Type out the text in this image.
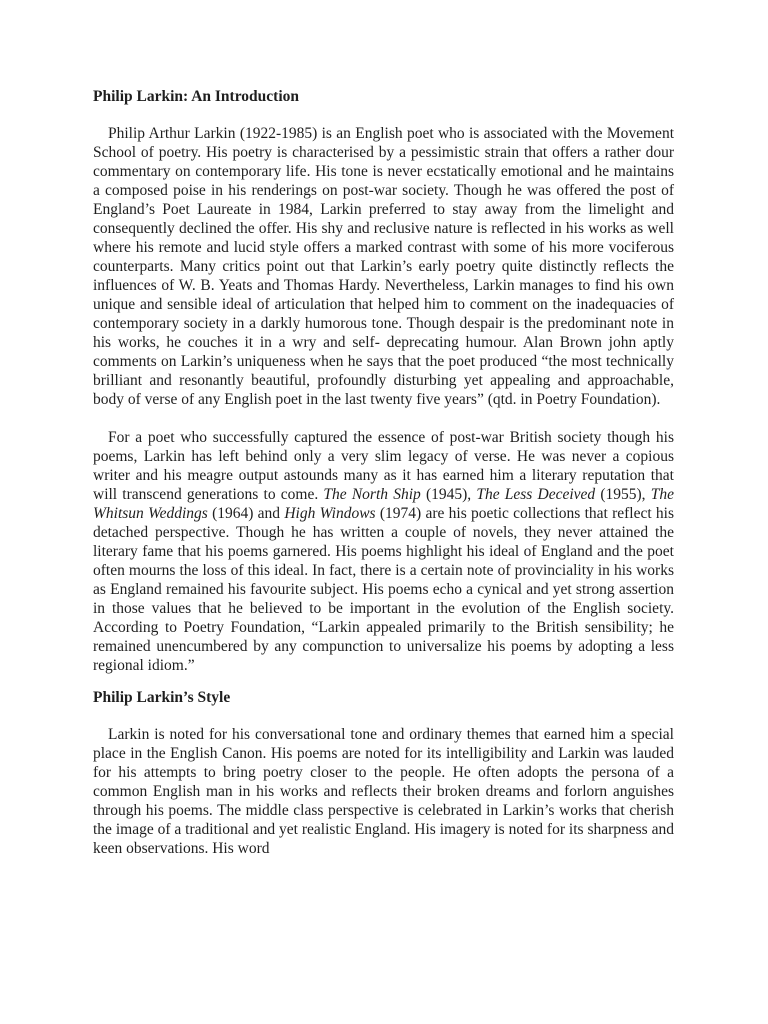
Philip Larkin: An Introduction

Philip Arthur Larkin (1922-1985) is an English poet who is associated with the Movement School of poetry. His poetry is characterised by a pessimistic strain that offers a rather dour commentary on contemporary life. His tone is never ecstatically emotional and he maintains a composed poise in his renderings on post-war society. Though he was offered the post of England’s Poet Laureate in 1984, Larkin preferred to stay away from the limelight and consequently declined the offer. His shy and reclusive nature is reflected in his works as well where his remote and lucid style offers a marked contrast with some of his more vociferous counterparts. Many critics point out that Larkin’s early poetry quite distinctly reflects the influences of W. B. Yeats and Thomas Hardy. Nevertheless, Larkin manages to find his own unique and sensible ideal of articulation that helped him to comment on the inadequacies of contemporary society in a darkly humorous tone. Though despair is the predominant note in his works, he couches it in a wry and self- deprecating humour. Alan Brown john aptly comments on Larkin’s uniqueness when he says that the poet produced “the most technically brilliant and resonantly beautiful, profoundly disturbing yet appealing and approachable, body of verse of any English poet in the last twenty five years” (qtd. in Poetry Foundation).

For a poet who successfully captured the essence of post-war British society though his poems, Larkin has left behind only a very slim legacy of verse. He was never a copious writer and his meagre output astounds many as it has earned him a literary reputation that will transcend generations to come. The North Ship (1945), The Less Deceived (1955), The Whitsun Weddings (1964) and High Windows (1974) are his poetic collections that reflect his detached perspective. Though he has written a couple of novels, they never attained the literary fame that his poems garnered. His poems highlight his ideal of England and the poet often mourns the loss of this ideal. In fact, there is a certain note of provinciality in his works as England remained his favourite subject. His poems echo a cynical and yet strong assertion in those values that he believed to be important in the evolution of the English society. According to Poetry Foundation, “Larkin appealed primarily to the British sensibility; he remained unencumbered by any compunction to universalize his poems by adopting a less regional idiom.”

Philip Larkin’s Style

Larkin is noted for his conversational tone and ordinary themes that earned him a special place in the English Canon. His poems are noted for its intelligibility and Larkin was lauded for his attempts to bring poetry closer to the people. He often adopts the persona of a common English man in his works and reflects their broken dreams and forlorn anguishes through his poems. The middle class perspective is celebrated in Larkin’s works that cherish the image of a traditional and yet realistic England. His imagery is noted for its sharpness and keen observations. His word
